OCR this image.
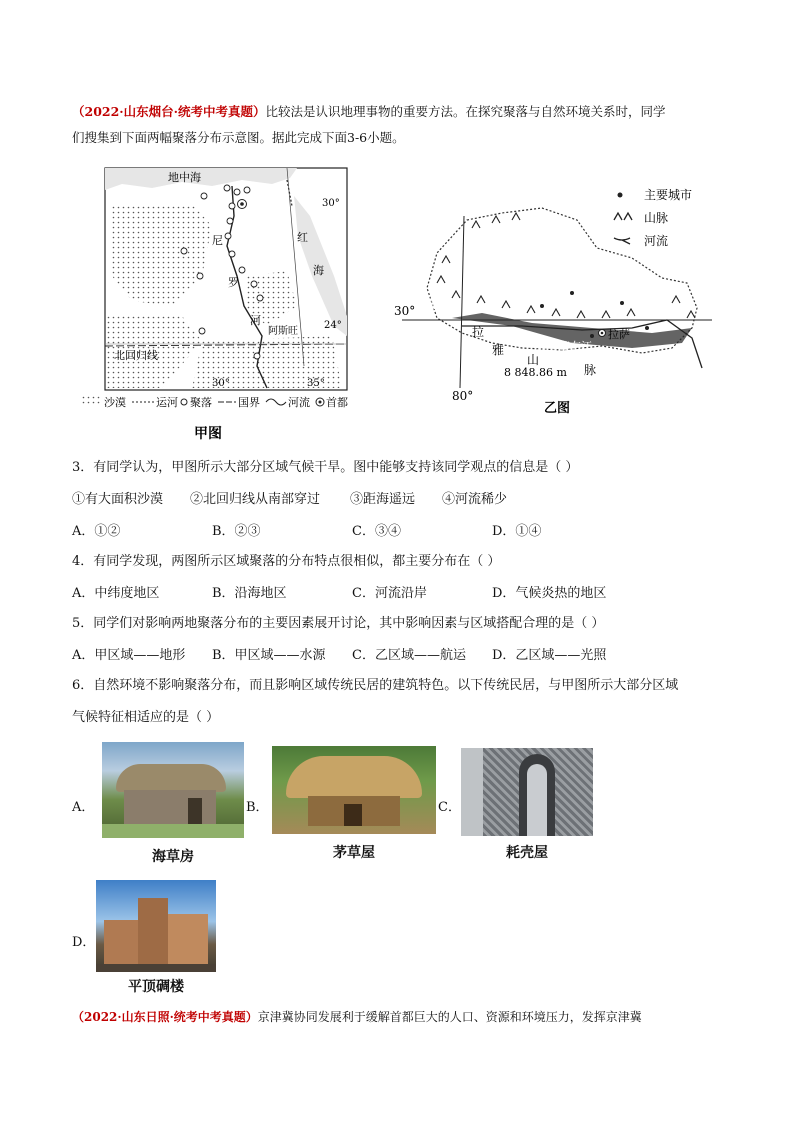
（2022·山东烟台·统考中考真题）比较法是认识地理事物的重要方法。在探究聚落与自然环境关系时，同学
们搜集到下面两幅聚落分布示意图。据此完成下面3-6小题。
地中海
红
海
尼
罗
河
阿斯旺
北回归线
30°
24°
30°	35°
沙漠	运河 聚落 国界	河流 首都
甲图
主要城市
山脉
河流
30°
80°
喜
拉
雅
山
脉
雅鲁藏布江
拉萨
8 848.86 m
乙图
3．有同学认为，甲图所示大部分区域气候干旱。图中能够支持该同学观点的信息是（ ）
①有大面积沙漠 ②北回归线从南部穿过 ③距海遥远 ④河流稀少
A．①②	B．②③	C．③④	D．①④
4．有同学发现，两图所示区域聚落的分布特点很相似，都主要分布在（ ）
A．中纬度地区	B．沿海地区	C．河流沿岸	D．气候炎热的地区
5．同学们对影响两地聚落分布的主要因素展开讨论，其中影响因素与区域搭配合理的是（ ）
A．甲区域——地形 B．甲区域——水源 C．乙区域——航运 D．乙区域——光照
6．自然环境不影响聚落分布，而且影响区域传统民居的建筑特色。以下传统民居，与甲图所示大部分区域
气候特征相适应的是（ ）
A．
海草房
B．
茅草屋
C．
耗壳屋
D．
平顶碉楼
（2022·山东日照·统考中考真题）京津冀协同发展利于缓解首都巨大的人口、资源和环境压力，发挥京津冀
